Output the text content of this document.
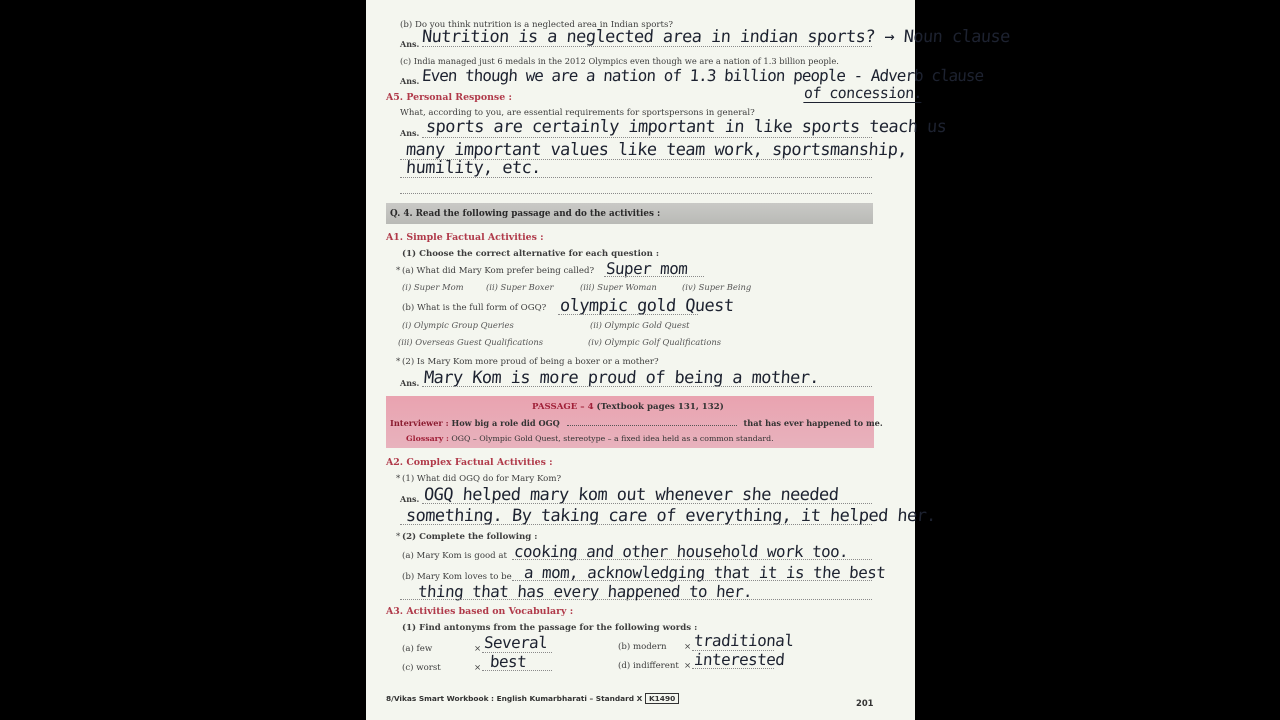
(b) Do you think nutrition is a neglected area in Indian sports?
Ans. Nutrition is a neglected area in indian sports? → Noun clause
(c) India managed just 6 medals in the 2012 Olympics even though we are a nation of 1.3 billion people.
Ans. Even though we are a nation of 1.3 billion people - Adverb clause
of concession.
A5. Personal Response :
What, according to you, are essential requirements for sportspersons in general?
Ans. sports are certainly important in like sports teach us
many important values like team work, sportsmanship,
humility, etc.
Q. 4. Read the following passage and do the activities :
A1. Simple Factual Activities :
(1) Choose the correct alternative for each question :
* (a) What did Mary Kom prefer being called? Super mom
(i) Super Mom	(ii) Super Boxer	(iii) Super Woman	(iv) Super Being
(b) What is the full form of OGQ? olympic gold Quest
(i) Olympic Group Queries	(ii) Olympic Gold Quest
(iii) Overseas Guest Qualifications	(iv) Olympic Golf Qualifications
* (2) Is Mary Kom more proud of being a boxer or a mother?
Ans. Mary Kom is more proud of being a mother.
PASSAGE – 4 (Textbook pages 131, 132)
Interviewer : How big a role did OGQ	that has ever happened to me.
Glossary : OGQ – Olympic Gold Quest, stereotype – a fixed idea held as a common standard.
A2. Complex Factual Activities :
* (1) What did OGQ do for Mary Kom?
Ans. OGQ helped mary kom out whenever she needed
something. By taking care of everything, it helped her.
* (2) Complete the following :
(a) Mary Kom is good at cooking and other household work too.
(b) Mary Kom loves to be a mom, acknowledging that it is the best
thing that has every happened to her.
A3. Activities based on Vocabulary :
(1) Find antonyms from the passage for the following words :
(a) few	× Several	(b) modern × traditional
(c) worst	× best	(d) indifferent × interested
8/Vikas Smart Workbook : English Kumarbharati – Standard X K1490	201
